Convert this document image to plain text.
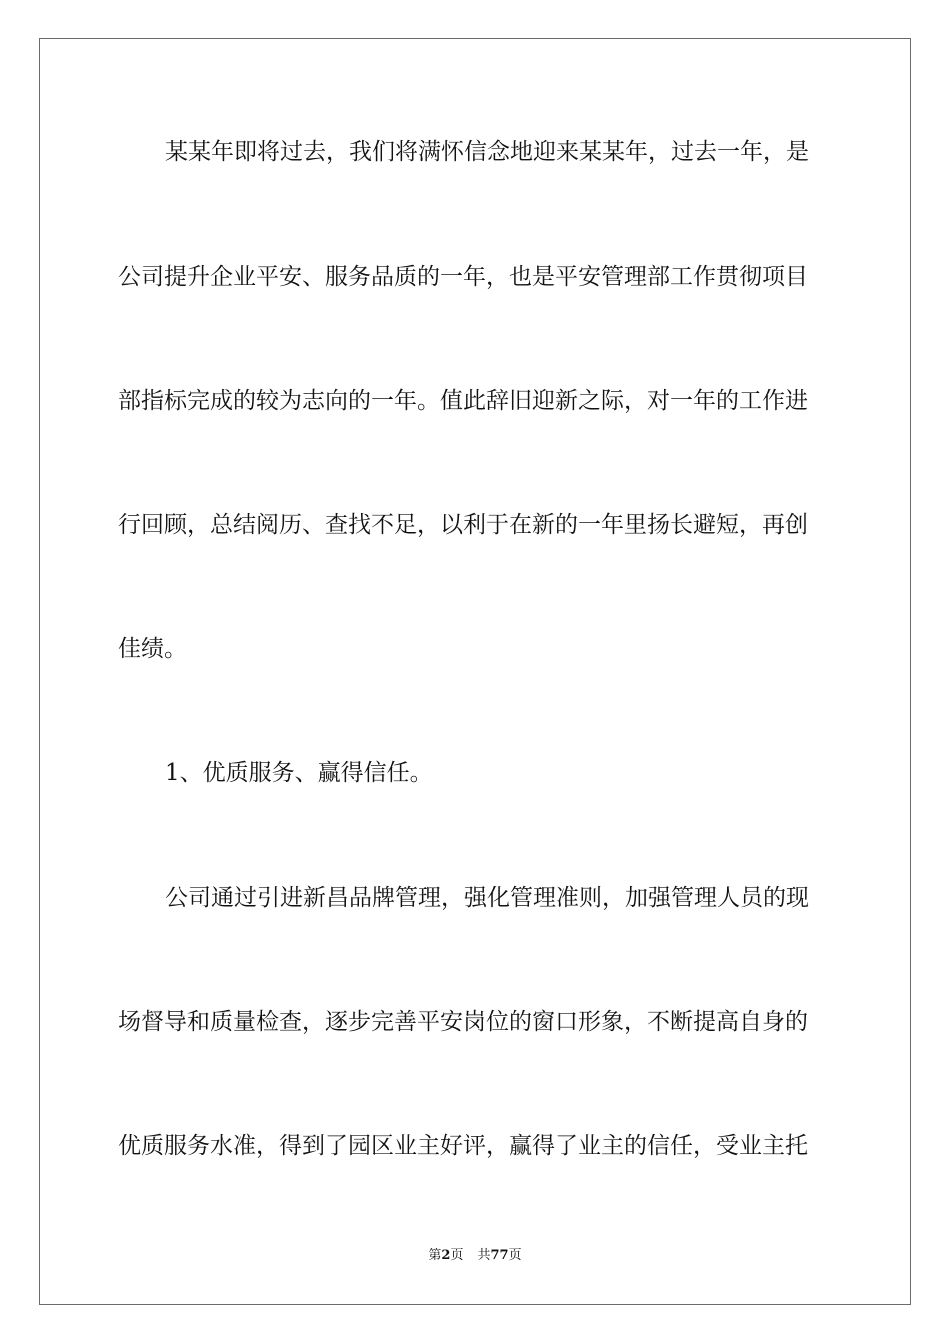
某某年即将过去，我们将满怀信念地迎来某某年，过去一年，是

公司提升企业平安、服务品质的一年，也是平安管理部工作贯彻项目

部指标完成的较为志向的一年。值此辞旧迎新之际，对一年的工作进

行回顾，总结阅历、查找不足，以利于在新的一年里扬长避短，再创

佳绩。

1、优质服务、赢得信任。

公司通过引进新昌品牌管理，强化管理准则，加强管理人员的现

场督导和质量检查，逐步完善平安岗位的窗口形象，不断提高自身的

优质服务水准，得到了园区业主好评，赢得了业主的信任，受业主托

第2页 共77页
